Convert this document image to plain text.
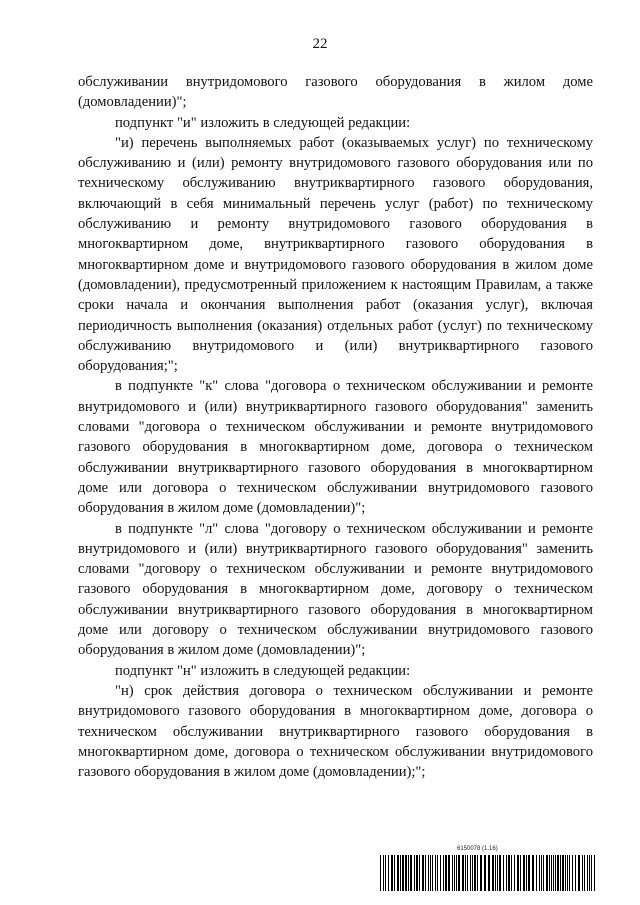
22

обслуживании внутридомового газового оборудования в жилом доме (домовладении)";

подпункт "и" изложить в следующей редакции:

"и) перечень выполняемых работ (оказываемых услуг) по техническому обслуживанию и (или) ремонту внутридомового газового оборудования или по техническому обслуживанию внутриквартирного газового оборудования, включающий в себя минимальный перечень услуг (работ) по техническому обслуживанию и ремонту внутридомового газового оборудования в многоквартирном доме, внутриквартирного газового оборудования в многоквартирном доме и внутридомового газового оборудования в жилом доме (домовладении), предусмотренный приложением к настоящим Правилам, а также сроки начала и окончания выполнения работ (оказания услуг), включая периодичность выполнения (оказания) отдельных работ (услуг) по техническому обслуживанию внутридомового и (или) внутриквартирного газового оборудования;";

в подпункте "к" слова "договора о техническом обслуживании и ремонте внутридомового и (или) внутриквартирного газового оборудования" заменить словами "договора о техническом обслуживании и ремонте внутридомового газового оборудования в многоквартирном доме, договора о техническом обслуживании внутриквартирного газового оборудования в многоквартирном доме или договора о техническом обслуживании внутридомового газового оборудования в жилом доме (домовладении)";

в подпункте "л" слова "договору о техническом обслуживании и ремонте внутридомового и (или) внутриквартирного газового оборудования" заменить словами "договору о техническом обслуживании и ремонте внутридомового газового оборудования в многоквартирном доме, договору о техническом обслуживании внутриквартирного газового оборудования в многоквартирном доме или договору о техническом обслуживании внутридомового газового оборудования в жилом доме (домовладении)";

подпункт "н" изложить в следующей редакции:

"н) срок действия договора о техническом обслуживании и ремонте внутридомового газового оборудования в многоквартирном доме, договора о техническом обслуживании внутриквартирного газового оборудования в многоквартирном доме, договора о техническом обслуживании внутридомового газового оборудования в жилом доме (домовладении);";

6150078 (1.16)
